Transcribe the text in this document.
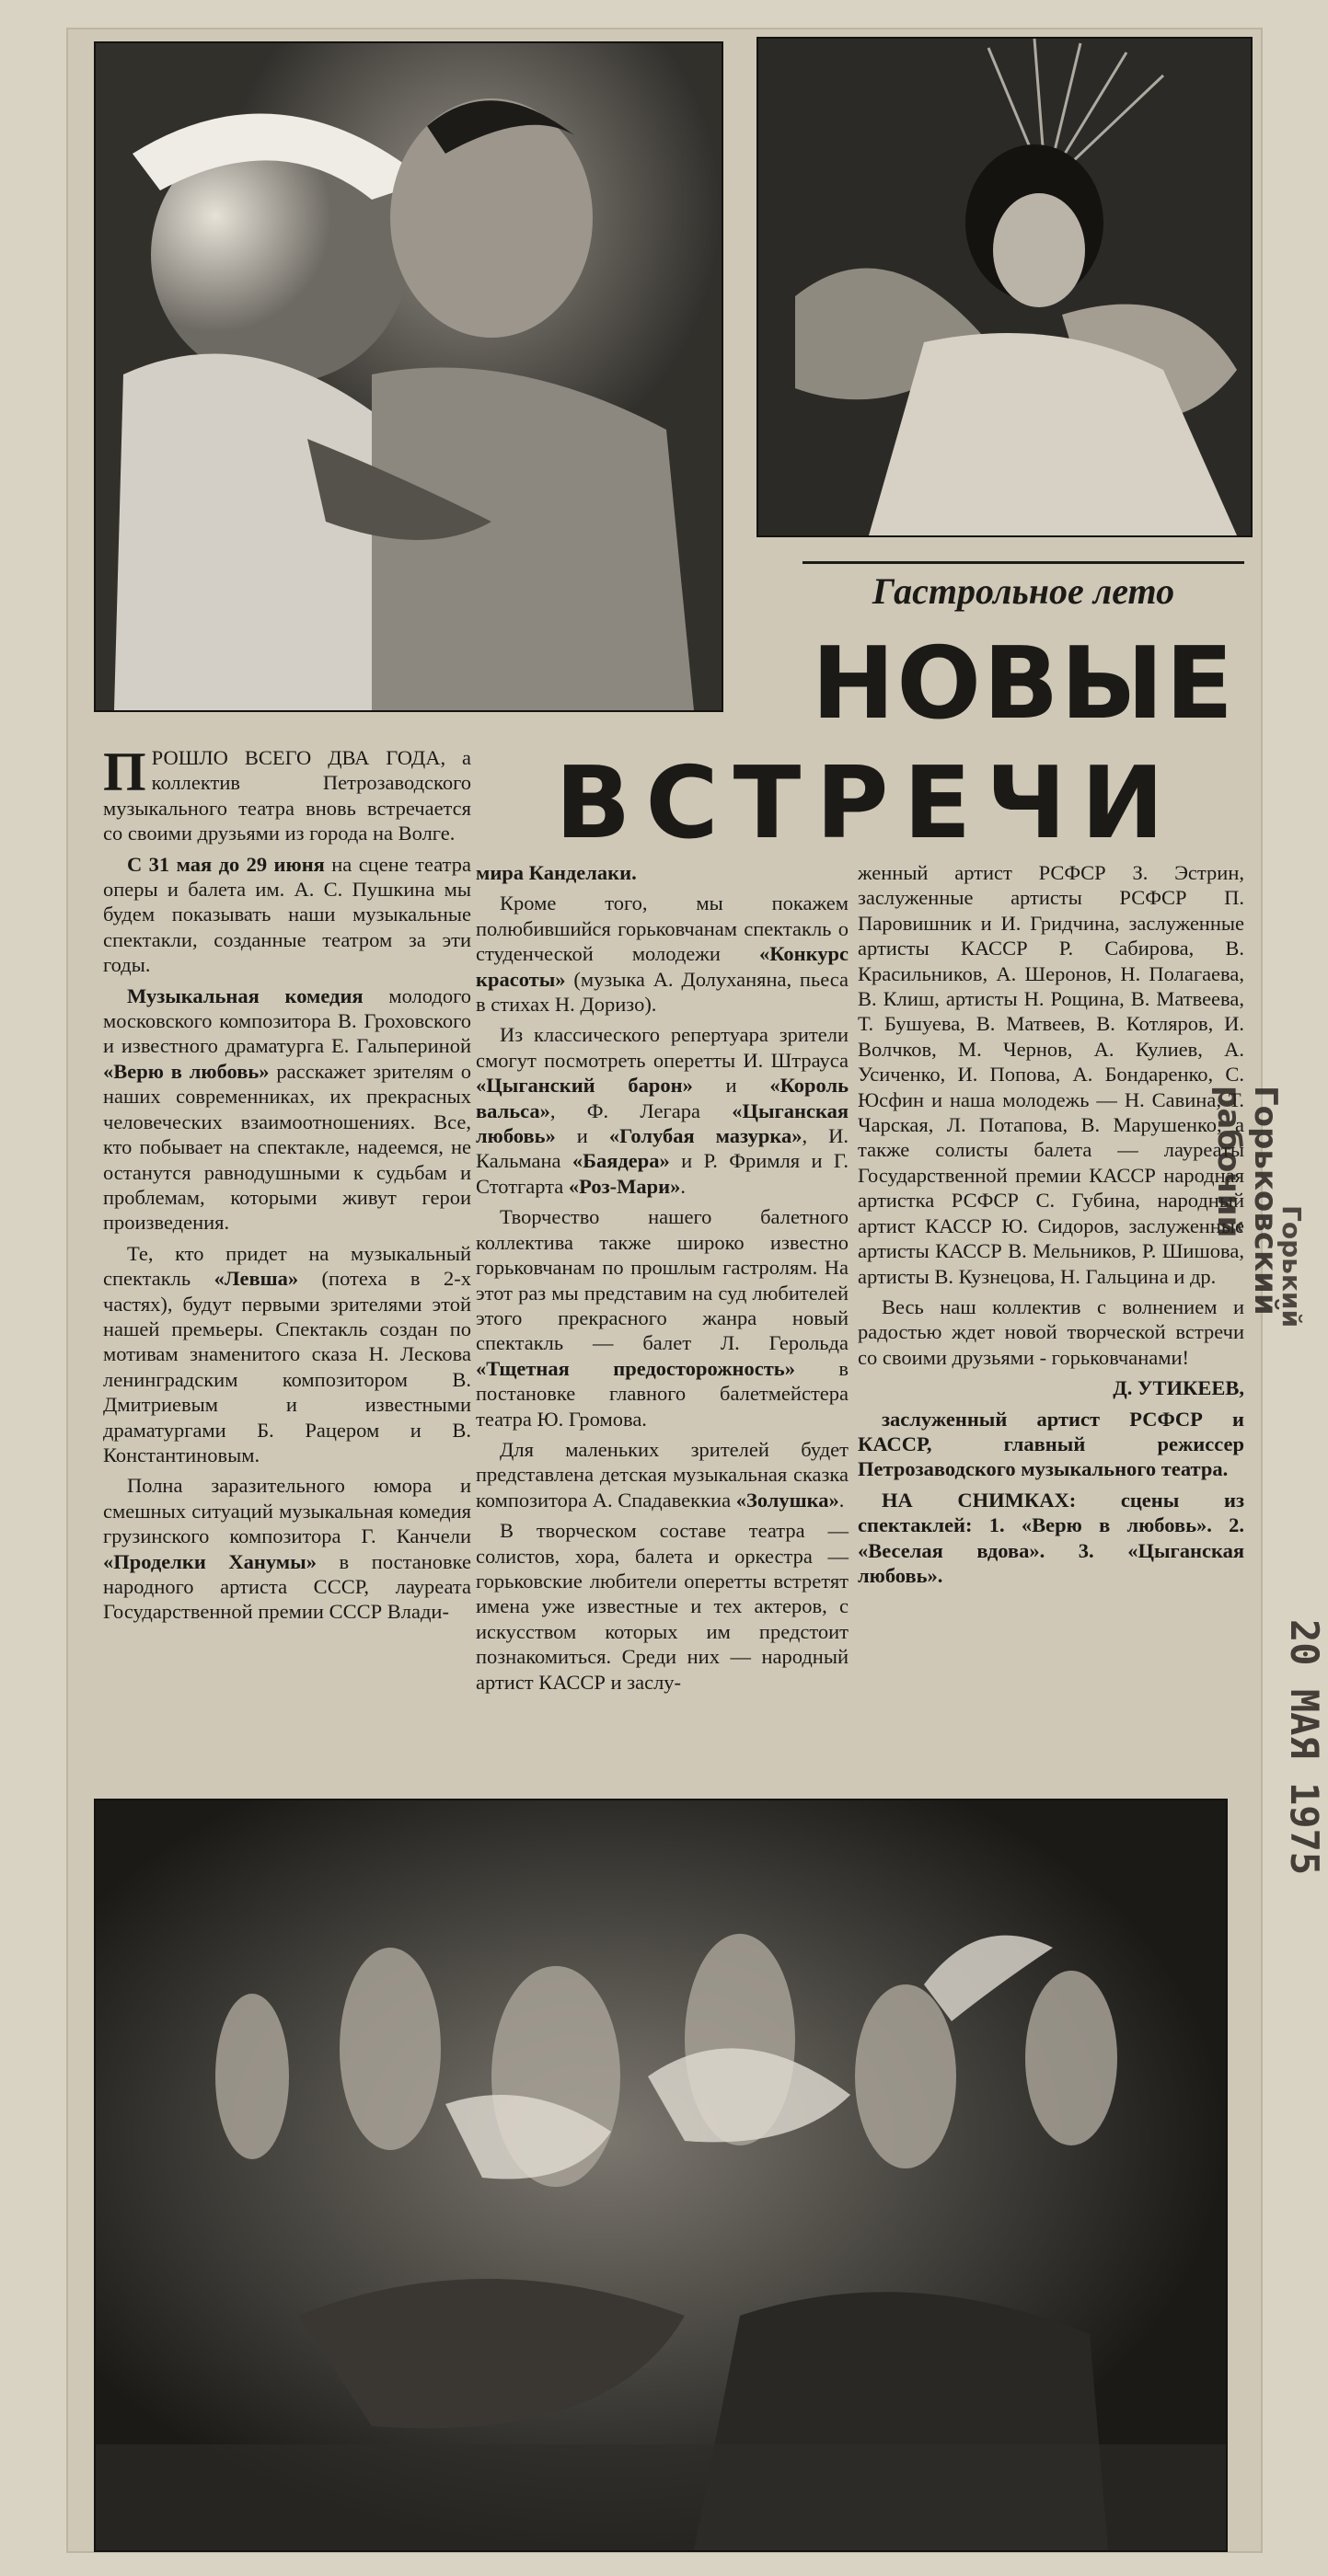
Гастрольное лето
НОВЫЕ
ВСТРЕЧИ

ПРОШЛО ВСЕГО ДВА ГОДА, а коллектив Петрозаводского музыкального театра вновь встречается со своими друзьями из города на Волге.

С 31 мая до 29 июня на сцене театра оперы и балета им. А. С. Пушкина мы будем показывать наши музыкальные спектакли, созданные театром за эти годы.

Музыкальная комедия молодого московского композитора В. Гроховского и известного драматурга Е. Гальпериной «Верю в любовь» расскажет зрителям о наших современниках, их прекрасных человеческих взаимоотношениях. Все, кто побывает на спектакле, надеемся, не останутся равнодушными к судьбам и проблемам, которыми живут герои произведения.

Те, кто придет на музыкальный спектакль «Левша» (потеха в 2-х частях), будут первыми зрителями этой нашей премьеры. Спектакль создан по мотивам знаменитого сказа Н. Лескова ленинградским композитором В. Дмитриевым и известными драматургами Б. Рацером и В. Константиновым.

Полна заразительного юмора и смешных ситуаций музыкальная комедия грузинского композитора Г. Канчели «Проделки Ханумы» в постановке народного артиста СССР, лауреата Государственной премии СССР Влади-

мира Канделаки.

Кроме того, мы покажем полюбившийся горьковчанам спектакль о студенческой молодежи «Конкурс красоты» (музыка А. Долуханяна, пьеса в стихах Н. Доризо).

Из классического репертуара зрители смогут посмотреть оперетты И. Штрауса «Цыганский барон» и «Король вальса», Ф. Легара «Цыганская любовь» и «Голубая мазурка», И. Кальмана «Баядера» и Р. Фримля и Г. Стотгарта «Роз-Мари».

Творчество нашего балетного коллектива также широко известно горьковчанам по прошлым гастролям. На этот раз мы представим на суд любителей этого прекрасного жанра новый спектакль — балет Л. Герольда «Тщетная предосторожность» в постановке главного балетмейстера театра Ю. Громова.

Для маленьких зрителей будет представлена детская музыкальная сказка композитора А. Спадавеккиа «Золушка».

В творческом составе театра — солистов, хора, балета и оркестра — горьковские любители оперетты встретят имена уже известные и тех актеров, с искусством которых им предстоит познакомиться. Среди них — народный артист КАССР и заслу-

женный артист РСФСР З. Эстрин, заслуженные артисты РСФСР П. Паровишник и И. Гридчина, заслуженные артисты КАССР Р. Сабирова, В. Красильников, А. Шеронов, Н. Полагаева, В. Клиш, артисты Н. Рощина, В. Матвеева, Т. Бушуева, В. Матвеев, В. Котляров, И. Волчков, М. Чернов, А. Кулиев, А. Усиченко, И. Попова, А. Бондаренко, С. Юсфин и наша молодежь — Н. Савина, Т. Чарская, Л. Потапова, В. Марушенко, а также солисты балета — лауреаты Государственной премии КАССР народная артистка РСФСР С. Губина, народный артист КАССР Ю. Сидоров, заслуженные артисты КАССР В. Мельников, Р. Шишова, артисты В. Кузнецова, Н. Гальцина и др.

Весь наш коллектив с волнением и радостью ждет новой творческой встречи со своими друзьями - горьковчанами!

Д. УТИКЕЕВ,

заслуженный артист РСФСР и КАССР, главный режиссер Петрозаводского музыкального театра.

НА СНИМКАХ: сцены из спектаклей: 1. «Верю в любовь». 2. «Веселая вдова». 3. «Цыганская любовь».

Горьковский рабочий
Горький
20 МАЯ 1975
